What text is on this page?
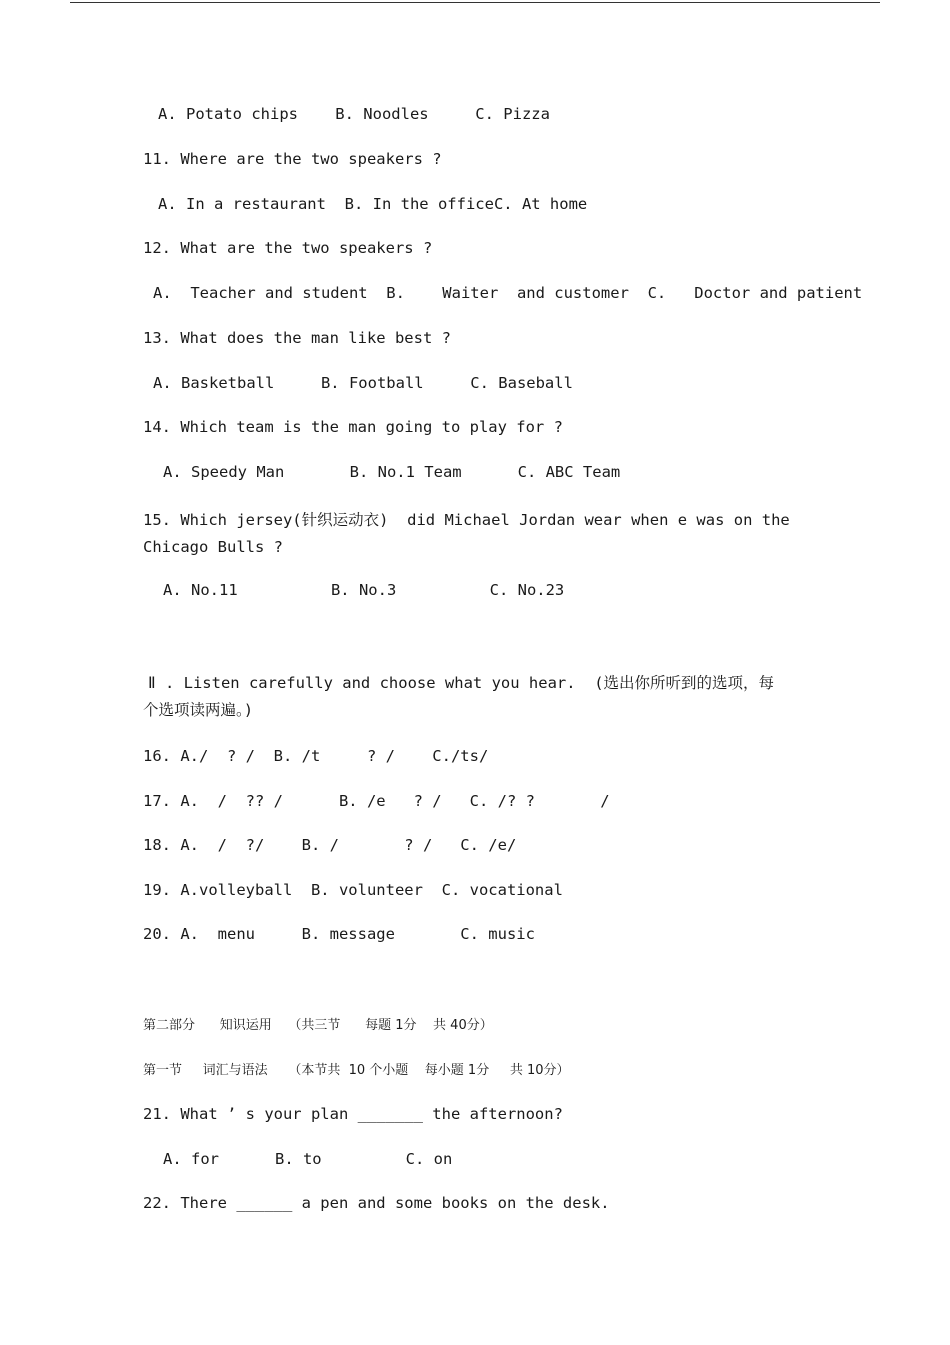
A. Potato chips    B. Noodles     C. Pizza
11. Where are the two speakers ?
A. In a restaurant  B. In the officeC. At home
12. What are the two speakers ?
A.  Teacher and student  B.    Waiter  and customer  C.   Doctor and patient
13. What does the man like best ?
A. Basketball     B. Football     C. Baseball
14. Which team is the man going to play for ?
A. Speedy Man       B. No.1 Team      C. ABC Team
15. Which jersey(针织运动衣)  did Michael Jordan wear when e was on the
Chicago Bulls ?
A. No.11          B. No.3          C. No.23
Ⅱ . Listen carefully and choose what you hear.  (选出你所听到的选项，每
个选项读两遍。)
16. A./  ? /  B. /t     ? /    C./ts/
17. A.  /  ?? /      B. /e   ? /   C. /? ?       /
18. A.  /  ?/    B. /       ? /   C. /e/
19. A.volleyball  B. volunteer  C. vocational
20. A.  menu     B. message       C. music
第二部分      知识运用    （共三节      每题 1分    共 40分）
第一节     词汇与语法     （本节共  10 个小题    每小题 1分     共 10分）
21. What ’ s your plan _______ the afternoon?
A. for      B. to         C. on
22. There ______ a pen and some books on the desk.
